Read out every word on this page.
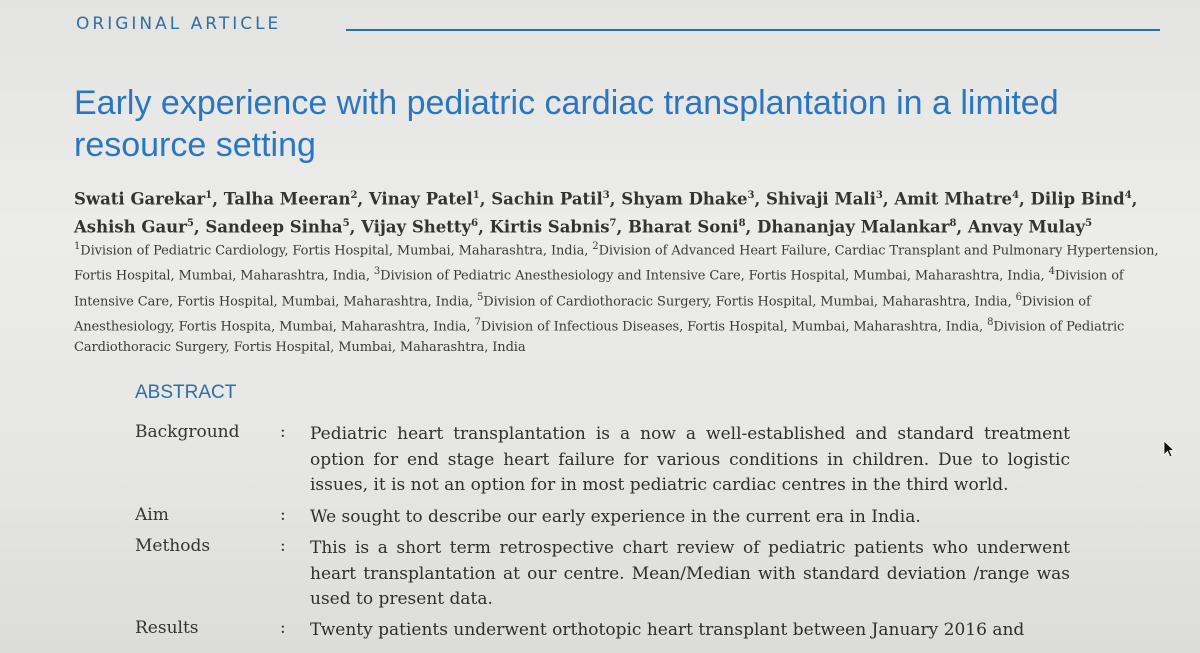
ORIGINAL ARTICLE
Early experience with pediatric cardiac transplantation in a limited resource setting

Swati Garekar$^1$, Talha Meeran$^2$, Vinay Patel$^1$, Sachin Patil$^3$, Shyam Dhake$^3$, Shivaji Mali$^3$, Amit Mhatre$^4$, Dilip Bind$^4$, Ashish Gaur$^5$, Sandeep Sinha$^5$, Vijay Shetty$^6$, Kirtis Sabnis$^7$, Bharat Soni$^8$, Dhananjay Malankar$^8$, Anvay Mulay$^5$

$^1$Division of Pediatric Cardiology, Fortis Hospital, Mumbai, Maharashtra, India, $^2$Division of Advanced Heart Failure, Cardiac Transplant and Pulmonary Hypertension, Fortis Hospital, Mumbai, Maharashtra, India, $^3$Division of Pediatric Anesthesiology and Intensive Care, Fortis Hospital, Mumbai, Maharashtra, India, $^4$Division of Intensive Care, Fortis Hospital, Mumbai, Maharashtra, India, $^5$Division of Cardiothoracic Surgery, Fortis Hospital, Mumbai, Maharashtra, India, $^6$Division of Anesthesiology, Fortis Hospita, Mumbai, Maharashtra, India, $^7$Division of Infectious Diseases, Fortis Hospital, Mumbai, Maharashtra, India, $^8$Division of Pediatric Cardiothoracic Surgery, Fortis Hospital, Mumbai, Maharashtra, India

ABSTRACT
Background : Pediatric heart transplantation is a now a well-established and standard treatment option for end stage heart failure for various conditions in children. Due to logistic issues, it is not an option for in most pediatric cardiac centres in the third world.

Aim	: We sought to describe our early experience in the current era in India.

Methods	: This is a short term retrospective chart review of pediatric patients who underwent heart transplantation at our centre. Mean/Median with standard deviation /range was used to present data.

Results	: Twenty patients underwent orthotopic heart transplant between January 2016 and
